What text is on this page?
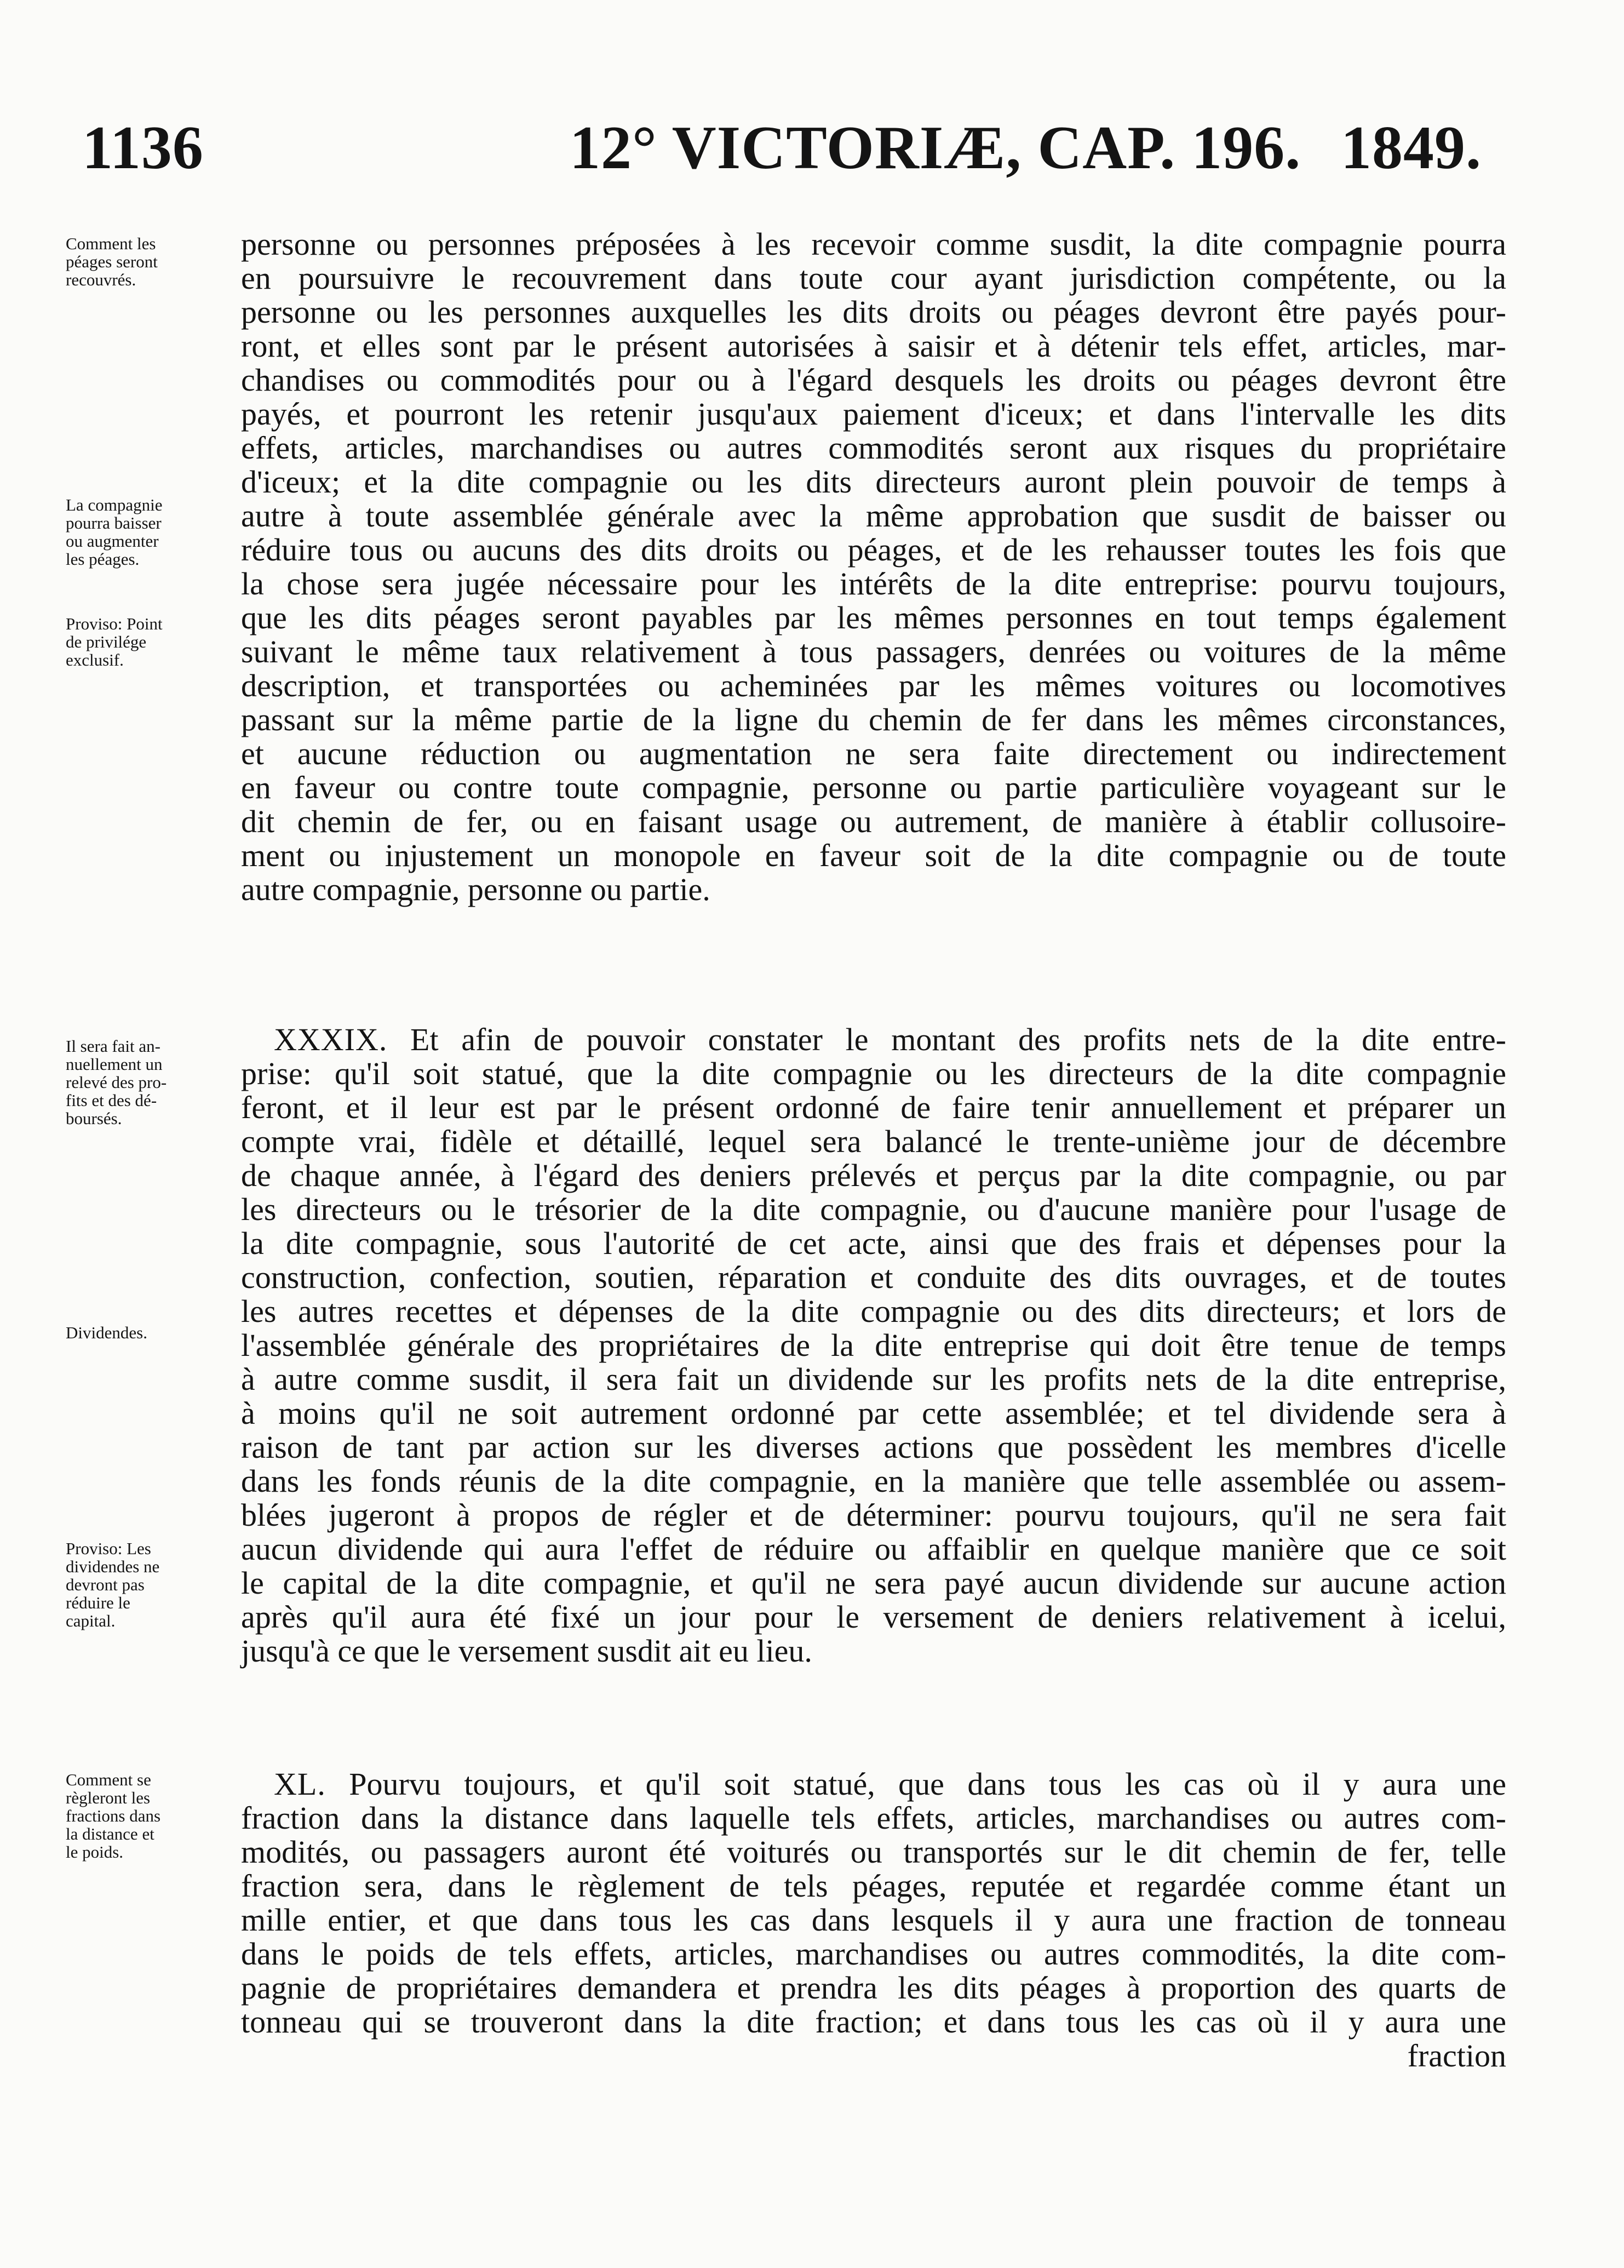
1136	12° VICTORIÆ, CAP. 196. 1849.
Comment les
péages seront
recouvrés.
La compagnie
pourra baisser
ou augmenter
les péages.
Proviso: Point
de privilége
exclusif.
Il sera fait an-
nuellement un
relevé des pro-
fits et des dé-
boursés.
Dividendes.
Proviso: Les
dividendes ne
devront pas
réduire le
capital.
Comment se
règleront les
fractions dans
la distance et
le poids.
personne ou personnes préposées à les recevoir comme susdit, la dite compagnie pourra
en poursuivre le recouvrement dans toute cour ayant jurisdiction compétente, ou la
personne ou les personnes auxquelles les dits droits ou péages devront être payés pour-
ront, et elles sont par le présent autorisées à saisir et à détenir tels effet, articles, mar-
chandises ou commodités pour ou à l'égard desquels les droits ou péages devront être
payés, et pourront les retenir jusqu'aux paiement d'iceux; et dans l'intervalle les dits
effets, articles, marchandises ou autres commodités seront aux risques du propriétaire
d'iceux; et la dite compagnie ou les dits directeurs auront plein pouvoir de temps à
autre à toute assemblée générale avec la même approbation que susdit de baisser ou
réduire tous ou aucuns des dits droits ou péages, et de les rehausser toutes les fois que
la chose sera jugée nécessaire pour les intérêts de la dite entreprise: pourvu toujours,
que les dits péages seront payables par les mêmes personnes en tout temps également
suivant le même taux relativement à tous passagers, denrées ou voitures de la même
description, et transportées ou acheminées par les mêmes voitures ou locomotives
passant sur la même partie de la ligne du chemin de fer dans les mêmes circonstances,
et aucune réduction ou augmentation ne sera faite directement ou indirectement
en faveur ou contre toute compagnie, personne ou partie particulière voyageant sur le
dit chemin de fer, ou en faisant usage ou autrement, de manière à établir collusoire-
ment ou injustement un monopole en faveur soit de la dite compagnie ou de toute
autre compagnie, personne ou partie.
XXXIX. Et afin de pouvoir constater le montant des profits nets de la dite entre-
prise: qu'il soit statué, que la dite compagnie ou les directeurs de la dite compagnie
feront, et il leur est par le présent ordonné de faire tenir annuellement et préparer un
compte vrai, fidèle et détaillé, lequel sera balancé le trente-unième jour de décembre
de chaque année, à l'égard des deniers prélevés et perçus par la dite compagnie, ou par
les directeurs ou le trésorier de la dite compagnie, ou d'aucune manière pour l'usage de
la dite compagnie, sous l'autorité de cet acte, ainsi que des frais et dépenses pour la
construction, confection, soutien, réparation et conduite des dits ouvrages, et de toutes
les autres recettes et dépenses de la dite compagnie ou des dits directeurs; et lors de
l'assemblée générale des propriétaires de la dite entreprise qui doit être tenue de temps
à autre comme susdit, il sera fait un dividende sur les profits nets de la dite entreprise,
à moins qu'il ne soit autrement ordonné par cette assemblée; et tel dividende sera à
raison de tant par action sur les diverses actions que possèdent les membres d'icelle
dans les fonds réunis de la dite compagnie, en la manière que telle assemblée ou assem-
blées jugeront à propos de régler et de déterminer: pourvu toujours, qu'il ne sera fait
aucun dividende qui aura l'effet de réduire ou affaiblir en quelque manière que ce soit
le capital de la dite compagnie, et qu'il ne sera payé aucun dividende sur aucune action
après qu'il aura été fixé un jour pour le versement de deniers relativement à icelui,
jusqu'à ce que le versement susdit ait eu lieu.
XL. Pourvu toujours, et qu'il soit statué, que dans tous les cas où il y aura une
fraction dans la distance dans laquelle tels effets, articles, marchandises ou autres com-
modités, ou passagers auront été voiturés ou transportés sur le dit chemin de fer, telle
fraction sera, dans le règlement de tels péages, reputée et regardée comme étant un
mille entier, et que dans tous les cas dans lesquels il y aura une fraction de tonneau
dans le poids de tels effets, articles, marchandises ou autres commodités, la dite com-
pagnie de propriétaires demandera et prendra les dits péages à proportion des quarts de
tonneau qui se trouveront dans la dite fraction; et dans tous les cas où il y aura une
fraction
